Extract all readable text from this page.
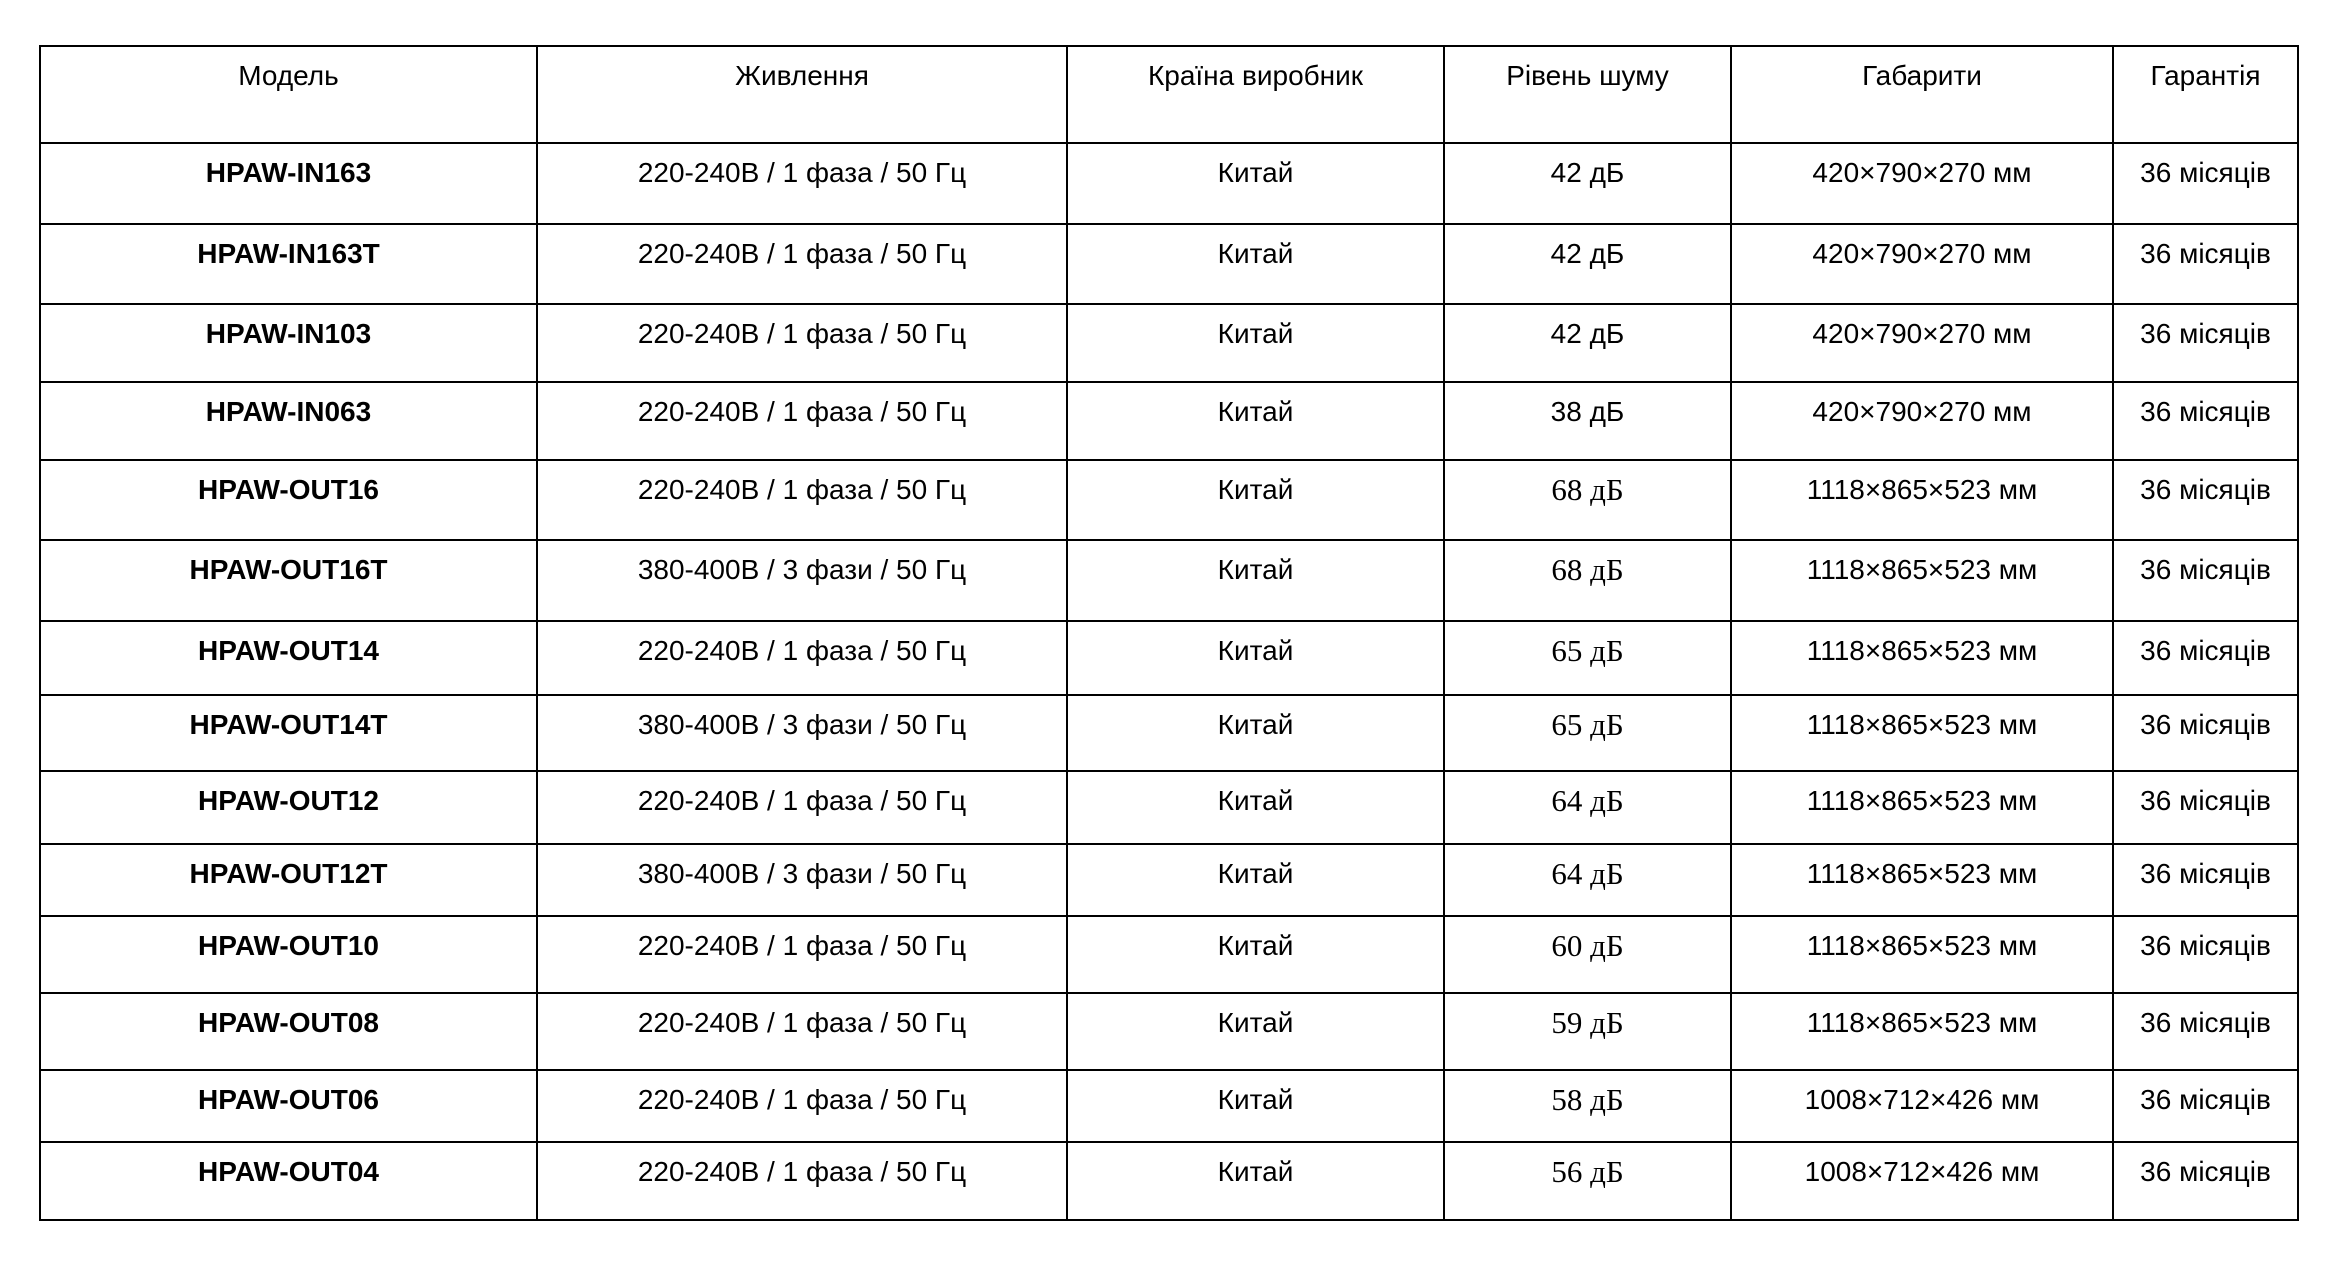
Модель	Живлення	Країна виробник	Рівень шуму	Габарити	Гарантія
HPAW-IN163	220-240В / 1 фаза / 50 Гц	Китай	42 дБ	420×790×270 мм	36 місяців
HPAW-IN163T	220-240В / 1 фаза / 50 Гц	Китай	42 дБ	420×790×270 мм	36 місяців
HPAW-IN103	220-240В / 1 фаза / 50 Гц	Китай	42 дБ	420×790×270 мм	36 місяців
HPAW-IN063	220-240В / 1 фаза / 50 Гц	Китай	38 дБ	420×790×270 мм	36 місяців
HPAW-OUT16	220-240В / 1 фаза / 50 Гц	Китай	68 дБ	1118×865×523 мм	36 місяців
HPAW-OUT16T	380-400В / 3 фази / 50 Гц	Китай	68 дБ	1118×865×523 мм	36 місяців
HPAW-OUT14	220-240В / 1 фаза / 50 Гц	Китай	65 дБ	1118×865×523 мм	36 місяців
HPAW-OUT14T	380-400В / 3 фази / 50 Гц	Китай	65 дБ	1118×865×523 мм	36 місяців
HPAW-OUT12	220-240В / 1 фаза / 50 Гц	Китай	64 дБ	1118×865×523 мм	36 місяців
HPAW-OUT12T	380-400В / 3 фази / 50 Гц	Китай	64 дБ	1118×865×523 мм	36 місяців
HPAW-OUT10	220-240В / 1 фаза / 50 Гц	Китай	60 дБ	1118×865×523 мм	36 місяців
HPAW-OUT08	220-240В / 1 фаза / 50 Гц	Китай	59 дБ	1118×865×523 мм	36 місяців
HPAW-OUT06	220-240В / 1 фаза / 50 Гц	Китай	58 дБ	1008×712×426 мм	36 місяців
HPAW-OUT04	220-240В / 1 фаза / 50 Гц	Китай	56 дБ	1008×712×426 мм	36 місяців
